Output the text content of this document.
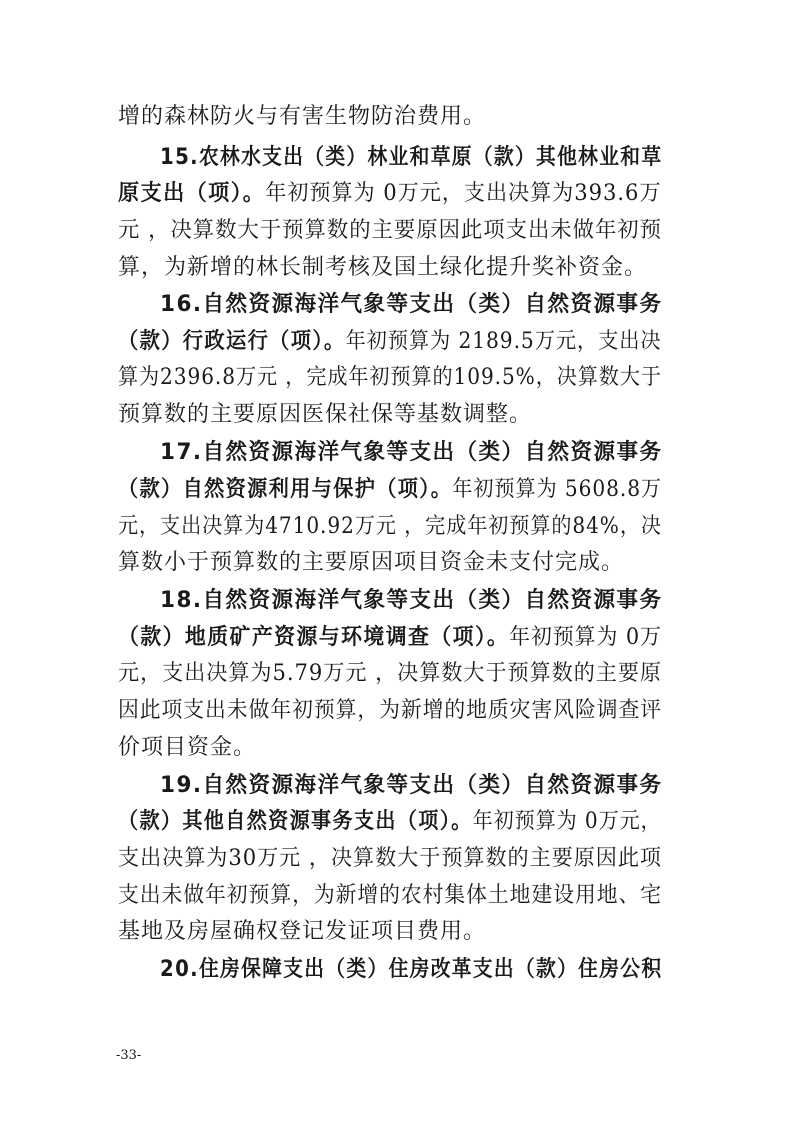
增的森林防火与有害生物防治费用。
15.农林水支出（类）林业和草原（款）其他林业和草
原支出（项）。年初预算为 0万元，支出决算为393.6万
元 ，决算数大于预算数的主要原因此项支出未做年初预
算，为新增的林长制考核及国土绿化提升奖补资金。
16.自然资源海洋气象等支出（类）自然资源事务
（款）行政运行（项）。年初预算为 2189.5万元，支出决
算为2396.8万元 ，完成年初预算的109.5%，决算数大于
预算数的主要原因医保社保等基数调整。
17.自然资源海洋气象等支出（类）自然资源事务
（款）自然资源利用与保护（项）。年初预算为 5608.8万
元，支出决算为4710.92万元 ，完成年初预算的84%，决
算数小于预算数的主要原因项目资金未支付完成。
18.自然资源海洋气象等支出（类）自然资源事务
（款）地质矿产资源与环境调查（项）。年初预算为 0万
元，支出决算为5.79万元 ，决算数大于预算数的主要原
因此项支出未做年初预算，为新增的地质灾害风险调查评
价项目资金。
19.自然资源海洋气象等支出（类）自然资源事务
（款）其他自然资源事务支出（项）。年初预算为 0万元，
支出决算为30万元 ，决算数大于预算数的主要原因此项
支出未做年初预算，为新增的农村集体土地建设用地、宅
基地及房屋确权登记发证项目费用。
20.住房保障支出（类）住房改革支出（款）住房公积
-33-
